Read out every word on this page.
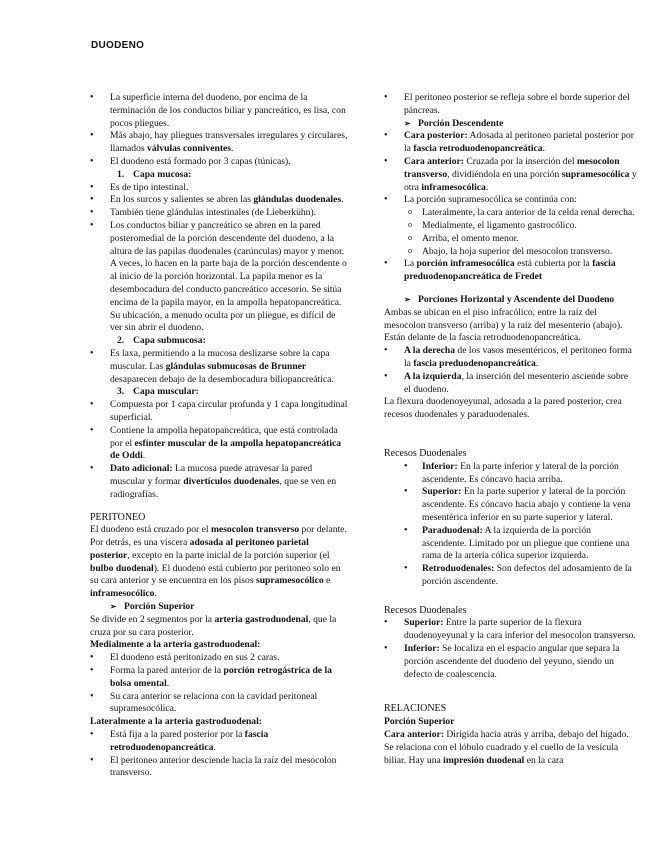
DUODENO
• La superficie interna del duodeno, por encima de la terminación de los conductos biliar y pancreático, es lisa, con pocos pliegues.
• Más abajo, hay pliegues transversales irregulares y circulares, llamados válvulas conniventes.
• El duodeno está formado por 3 capas (túnicas).
1. Capa mucosa:
• Es de tipo intestinal.
• En los surcos y salientes se abren las glándulas duodenales.
• También tiene glándulas intestinales (de Lieberkühn).
• Los conductos biliar y pancreático se abren en la pared posteromedial de la porción descendente del duodeno, a la altura de las papilas duodenales (carúnculas) mayor y menor. A veces, lo hacen en la parte baja de la porción descendente o al inicio de la porción horizontal. La papila menor es la desembocadura del conducto pancreático accesorio. Se sitúa encima de la papila mayor, en la ampolla hepatopancreática. Su ubicación, a menudo oculta por un pliegue, es difícil de ver sin abrir el duodeno.
2. Capa submucosa:
• Es laxa, permitiendo a la mucosa deslizarse sobre la capa muscular. Las glándulas submucosas de Brunner desaparecen debajo de la desembocadura biliopancreática.
3. Capa muscular:
• Compuesta por 1 capa circular profunda y 1 capa longitudinal superficial.
• Contiene la ampolla hepatopancreática, que está controlada por el esfínter muscular de la ampolla hepatopancreática de Oddi.
• Dato adicional: La mucosa puede atravesar la pared muscular y formar divertículos duodenales, que se ven en radiografías.
PERITONEO

El duodeno está cruzado por el mesocolon transverso por delante. Por detrás, es una víscera adosada al peritoneo parietal posterior, excepto en la parte inicial de la porción superior (el bulbo duodenal). El duodeno está cubierto por peritoneo solo en su cara anterior y se encuentra en los pisos supramesocólico e inframesocólico.

➢ Porción Superior

Se divide en 2 segmentos por la arteria gastroduodenal, que la cruza por su cara posterior.

Medialmente a la arteria gastroduodenal:
• El duodeno está peritonizado en sus 2 caras.
• Forma la pared anterior de la porción retrogástrica de la bolsa omental.
• Su cara anterior se relaciona con la cavidad peritoneal supramesocólica.
Lateralmente a la arteria gastroduodenal:
• Está fija a la pared posterior por la fascia retroduodenopancreática.
• El peritoneo anterior desciende hacia la raíz del mesocolon transverso.
• El peritoneo posterior se refleja sobre el borde superior del páncreas.
➢ Porción Descendente
• Cara posterior: Adosada al peritoneo parietal posterior por la fascia retroduodenopancreática.
• Cara anterior: Cruzada por la inserción del mesocolon transverso, dividiéndola en una porción supramesocólica y otra inframesocólica.
• La porción supramesocólica se continúa con:
o Lateralmente, la cara anterior de la celda renal derecha.
o Medialmente, el ligamento gastrocólico.
o Arriba, el omento menor.
o Abajo, la hoja superior del mesocolon transverso.
• La porción inframesocólica está cubierta por la fascia preduodenopancreática de Fredet
➢ Porciones Horizontal y Ascendente del Duodeno

Ambas se ubican en el piso infracólico, entre la raíz del mesocolon transverso (arriba) y la raíz del mesenterio (abajo). Están delante de la fascia retroduodenopancreática.

• A la derecha de los vasos mesentéricos, el peritoneo forma la fascia preduodenopancreática.
• A la izquierda, la inserción del mesenterio asciende sobre el duodeno.

La flexura duodenoyeyunal, adosada a la pared posterior, crea recesos duodenales y paraduodenales.

Recesos Duodenales
• Inferior: En la parte inferior y lateral de la porción ascendente. Es cóncavo hacia arriba.
• Superior: En la parte superior y lateral de la porción ascendente. Es cóncavo hacia abajo y contiene la vena mesentérica inferior en su parte superior y lateral.
• Paraduodenal: A la izquierda de la porción ascendente. Limitado por un pliegue que contiene una rama de la arteria cólica superior izquierda.
• Retroduodenales: Son defectos del adosamiento de la porción ascendente.
Recesos Duodenales
• Superior: Entre la parte superior de la flexura duodenoyeyunal y la cara inferior del mesocolon transverso.
• Inferior: Se localiza en el espacio angular que separa la porción ascendente del duodeno del yeyuno, siendo un defecto de coalescencia.
RELACIONES
Porción Superior

Cara anterior: Dirigida hacia atrás y arriba, debajo del hígado. Se relaciona con el lóbulo cuadrado y el cuello de la vesícula biliar. Hay una impresión duodenal en la cara
